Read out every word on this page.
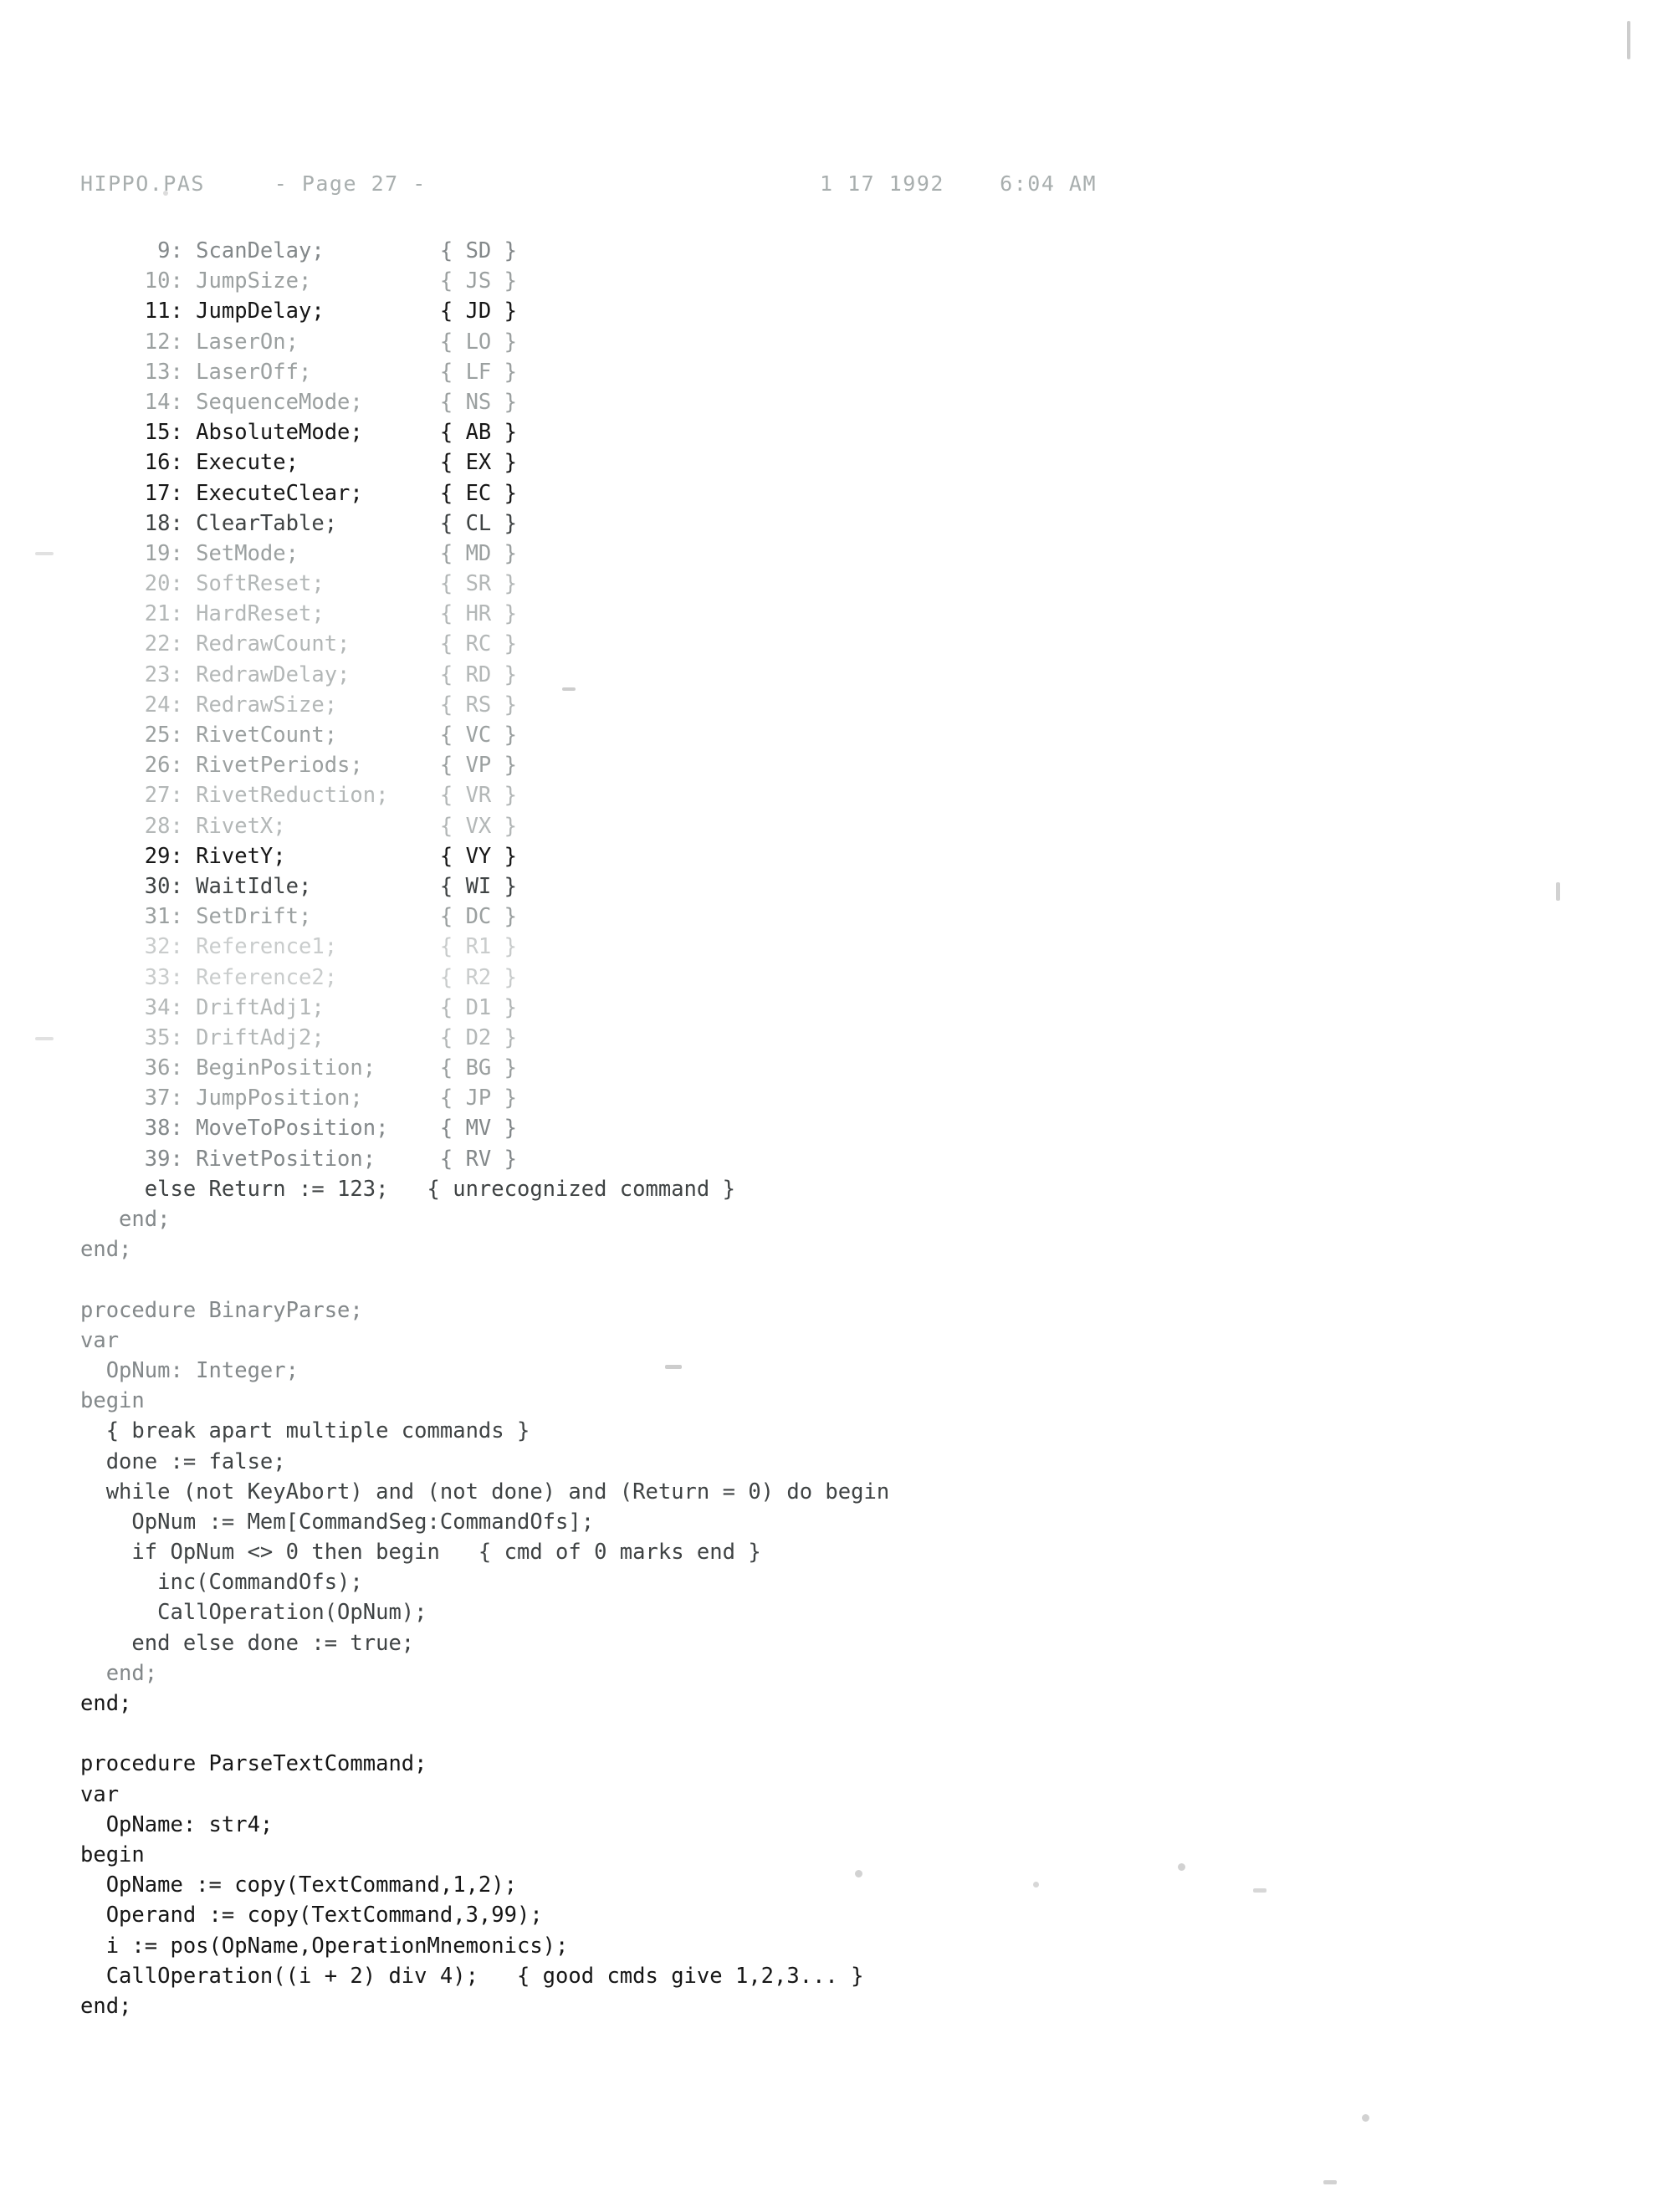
HIPPO.PAS     - Page 27 -	1 17 1992    6:04 AM
9: ScanDelay;         { SD }
10: JumpSize;          { JS }
11: JumpDelay;         { JD }
12: LaserOn;           { LO }
13: LaserOff;          { LF }
14: SequenceMode;      { NS }
15: AbsoluteMode;      { AB }
16: Execute;           { EX }
17: ExecuteClear;      { EC }
18: ClearTable;        { CL }
19: SetMode;           { MD }
20: SoftReset;         { SR }
21: HardReset;         { HR }
22: RedrawCount;       { RC }
23: RedrawDelay;       { RD }
24: RedrawSize;        { RS }
25: RivetCount;        { VC }
26: RivetPeriods;      { VP }
27: RivetReduction;    { VR }
28: RivetX;            { VX }
29: RivetY;            { VY }
30: WaitIdle;          { WI }
31: SetDrift;          { DC }
32: Reference1;        { R1 }
33: Reference2;        { R2 }
34: DriftAdj1;         { D1 }
35: DriftAdj2;         { D2 }
36: BeginPosition;     { BG }
37: JumpPosition;      { JP }
38: MoveToPosition;    { MV }
39: RivetPosition;     { RV }
else Return := 123;   { unrecognized command }
end;
end;

procedure BinaryParse;
var
OpNum: Integer;
begin
{ break apart multiple commands }
done := false;
while (not KeyAbort) and (not done) and (Return = 0) do begin
OpNum := Mem[CommandSeg:CommandOfs];
if OpNum <> 0 then begin   { cmd of 0 marks end }
inc(CommandOfs);
CallOperation(OpNum);
end else done := true;
end;
end;

procedure ParseTextCommand;
var
OpName: str4;
begin
OpName := copy(TextCommand,1,2);
Operand := copy(TextCommand,3,99);
i := pos(OpName,OperationMnemonics);
CallOperation((i + 2) div 4);   { good cmds give 1,2,3... }
end;
